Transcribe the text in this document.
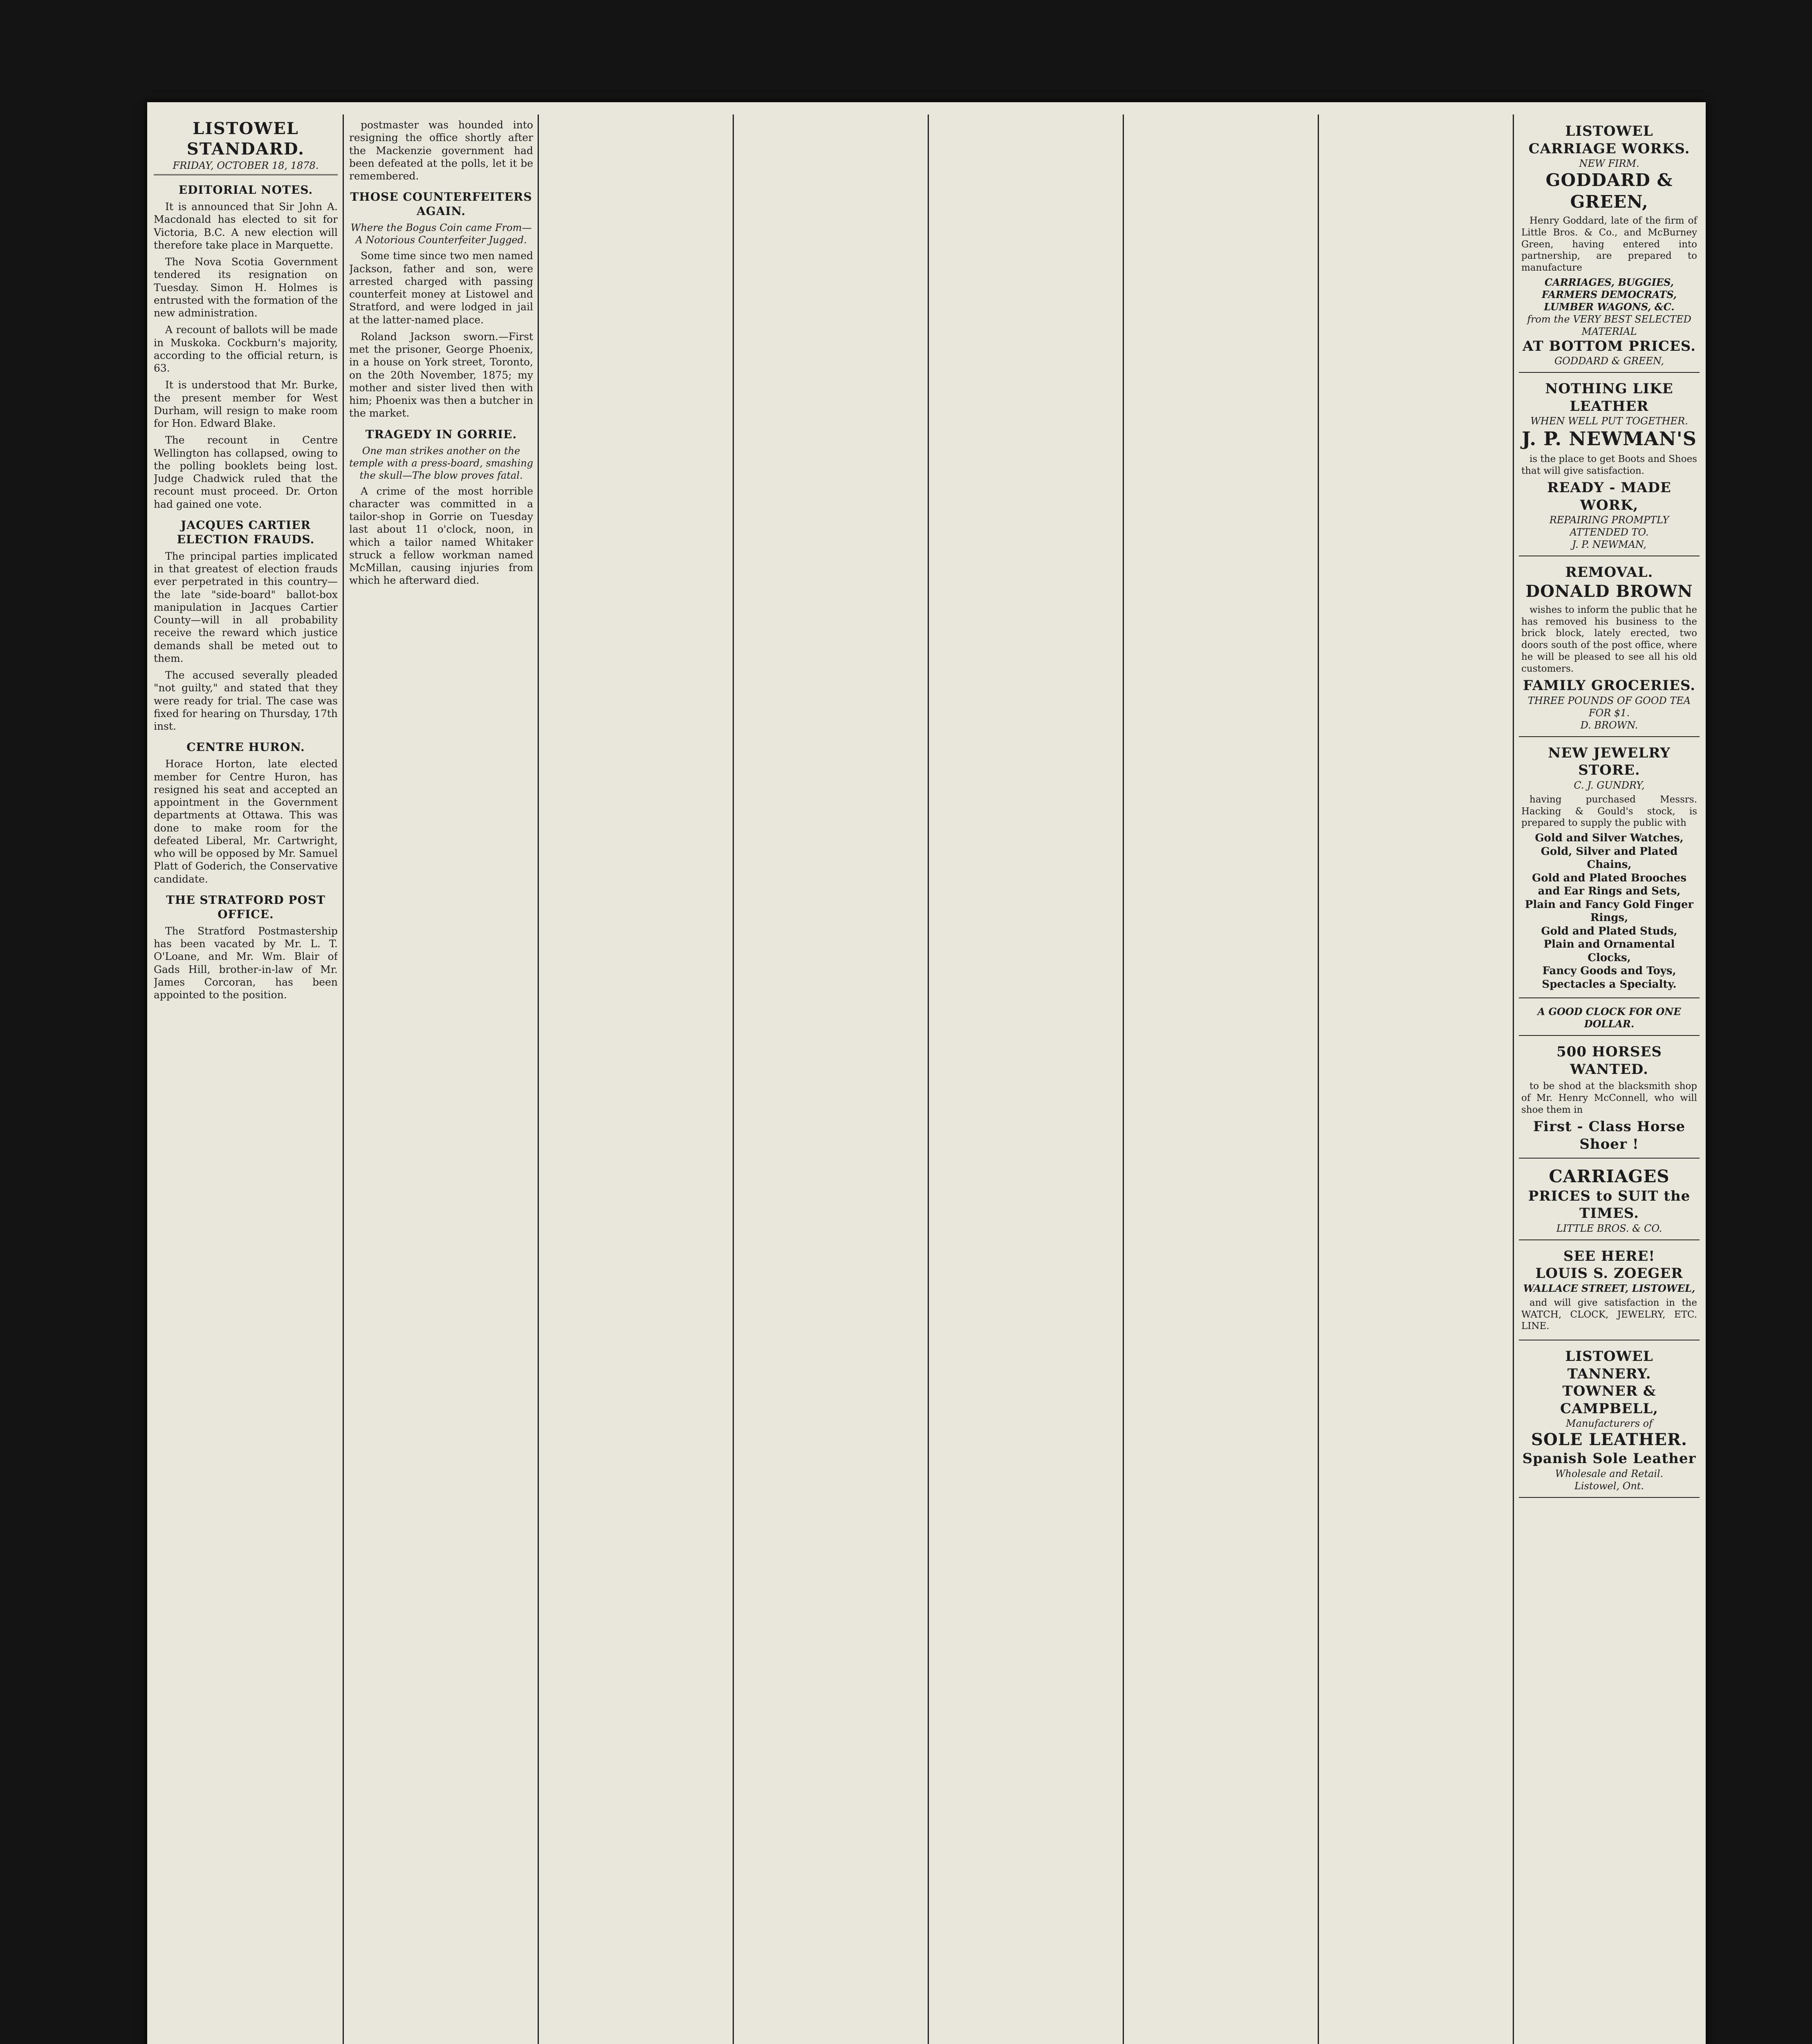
LISTOWEL STANDARD.
FRIDAY, OCTOBER 18, 1878.
EDITORIAL NOTES.

It is announced that Sir John A. Macdonald has elected to sit for Victoria, B.C. A new election will therefore take place in Marquette.

The Nova Scotia Government tendered its resignation on Tuesday. Simon H. Holmes is entrusted with the formation of the new administration.

A recount of ballots will be made in Muskoka. Cockburn's majority, according to the official return, is 63.

It is understood that Mr. Burke, the present member for West Durham, will resign to make room for Hon. Edward Blake.

The recount in Centre Wellington has collapsed, owing to the polling booklets being lost. Judge Chadwick ruled that the recount must proceed. Dr. Orton had gained one vote.

JACQUES CARTIER ELECTION FRAUDS.

The principal parties implicated in that greatest of election frauds ever perpetrated in this country—the late "side-board" ballot-box manipulation in Jacques Cartier County—will in all probability receive the reward which justice demands shall be meted out to them.

The accused severally pleaded "not guilty," and stated that they were ready for trial. The case was fixed for hearing on Thursday, 17th inst.

CENTRE HURON.

Horace Horton, late elected member for Centre Huron, has resigned his seat and accepted an appointment in the Government departments at Ottawa. This was done to make room for the defeated Liberal, Mr. Cartwright, who will be opposed by Mr. Samuel Platt of Goderich, the Conservative candidate.

THE STRATFORD POST OFFICE.

The Stratford Postmastership has been vacated by Mr. L. T. O'Loane, and Mr. Wm. Blair of Gads Hill, brother-in-law of Mr. James Corcoran, has been appointed to the position.

postmaster was hounded into resigning the office shortly after the Mackenzie government had been defeated at the polls, let it be remembered.

THOSE COUNTERFEITERS AGAIN.
Where the Bogus Coin came From—A Notorious Counterfeiter Jugged.

Some time since two men named Jackson, father and son, were arrested charged with passing counterfeit money at Listowel and Stratford, and were lodged in jail at the latter-named place.

Roland Jackson sworn.—First met the prisoner, George Phoenix, in a house on York street, Toronto, on the 20th November, 1875; my mother and sister lived then with him; Phoenix was then a butcher in the market.

TRAGEDY IN GORRIE.
One man strikes another on the temple with a press-board, smashing the skull—The blow proves fatal.

A crime of the most horrible character was committed in a tailor-shop in Gorrie on Tuesday last about 11 o'clock, noon, in which a tailor named Whitaker struck a fellow workman named McMillan, causing injuries from which he afterward died.

LISTOWEL CARRIAGE WORKS.
NEW FIRM.
GODDARD & GREEN,

Henry Goddard, late of the firm of Little Bros. & Co., and McBurney Green, having entered into partnership, are prepared to manufacture

CARRIAGES, BUGGIES, FARMERS DEMOCRATS, LUMBER WAGONS, &C.
from the VERY BEST SELECTED MATERIAL
AT BOTTOM PRICES.
GODDARD & GREEN,
NOTHING LIKE LEATHER
WHEN WELL PUT TOGETHER.
J. P. NEWMAN'S

is the place to get Boots and Shoes that will give satisfaction.

READY - MADE WORK,
REPAIRING PROMPTLY ATTENDED TO.
J. P. NEWMAN,
REMOVAL.
DONALD BROWN

wishes to inform the public that he has removed his business to the brick block, lately erected, two doors south of the post office, where he will be pleased to see all his old customers.

FAMILY GROCERIES.
THREE POUNDS OF GOOD TEA FOR $1.
D. BROWN.
NEW JEWELRY STORE.
C. J. GUNDRY,

having purchased Messrs. Hacking & Gould's stock, is prepared to supply the public with

Gold and Silver Watches,
Gold, Silver and Plated Chains,
Gold and Plated Brooches and Ear Rings and Sets,
Plain and Fancy Gold Finger Rings,
Gold and Plated Studs,
Plain and Ornamental Clocks,
Fancy Goods and Toys,
Spectacles a Specialty.
A GOOD CLOCK FOR ONE DOLLAR.
500 HORSES WANTED.

to be shod at the blacksmith shop of Mr. Henry McConnell, who will shoe them in

First - Class Horse Shoer !
CARRIAGES
PRICES to SUIT the TIMES.
LITTLE BROS. & CO.
SEE HERE!
LOUIS S. ZOEGER
WALLACE STREET, LISTOWEL,

and will give satisfaction in the WATCH, CLOCK, JEWELRY, ETC. LINE.

LISTOWEL TANNERY.
TOWNER & CAMPBELL,
Manufacturers of
SOLE LEATHER.
Spanish Sole Leather
Wholesale and Retail.
Listowel, Ont.
